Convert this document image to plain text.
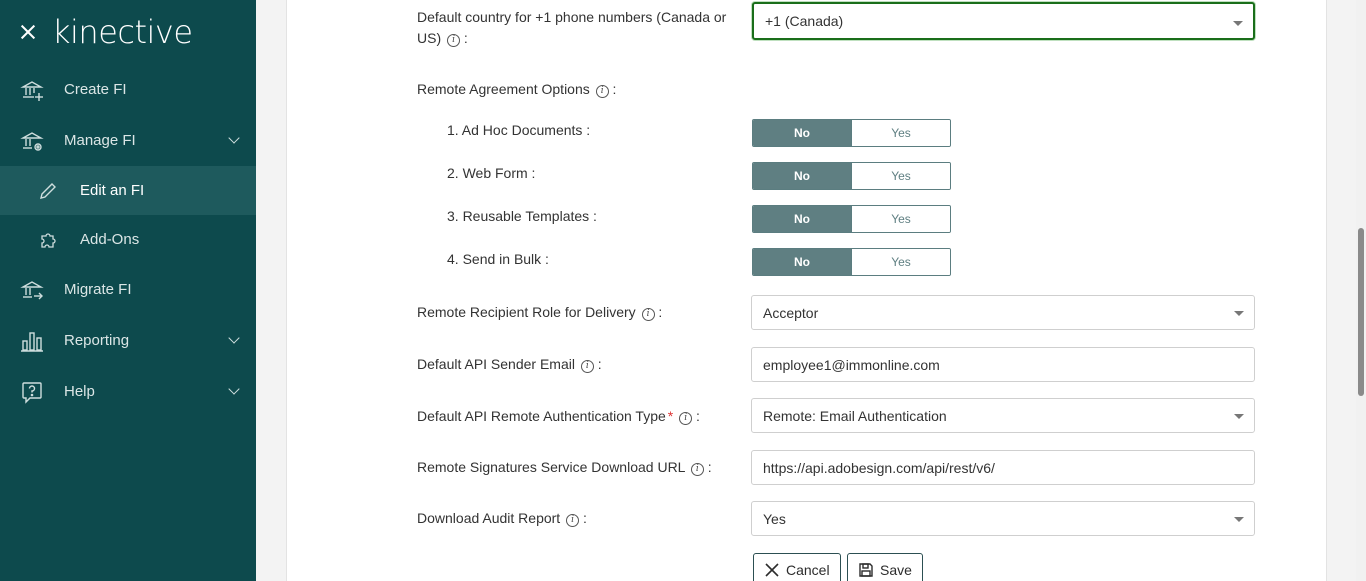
kinective
Create FI
Manage FI
Edit an FI
Add-Ons
Migrate FI
Reporting
Help
Default country for +1 phone numbers (Canada or
US) i :
+1 (Canada)
Remote Agreement Options i :
1. Ad Hoc Documents :	No	Yes
2. Web Form :	No	Yes
3. Reusable Templates :	No	Yes
4. Send in Bulk :	No	Yes
Remote Recipient Role for Delivery i :	Acceptor
Default API Sender Email i :	employee1@immonline.com
Default API Remote Authentication Type * i :	Remote: Email Authentication
Remote Signatures Service Download URL i :	https://api.adobesign.com/api/rest/v6/
Download Audit Report i :	Yes
Cancel	Save
